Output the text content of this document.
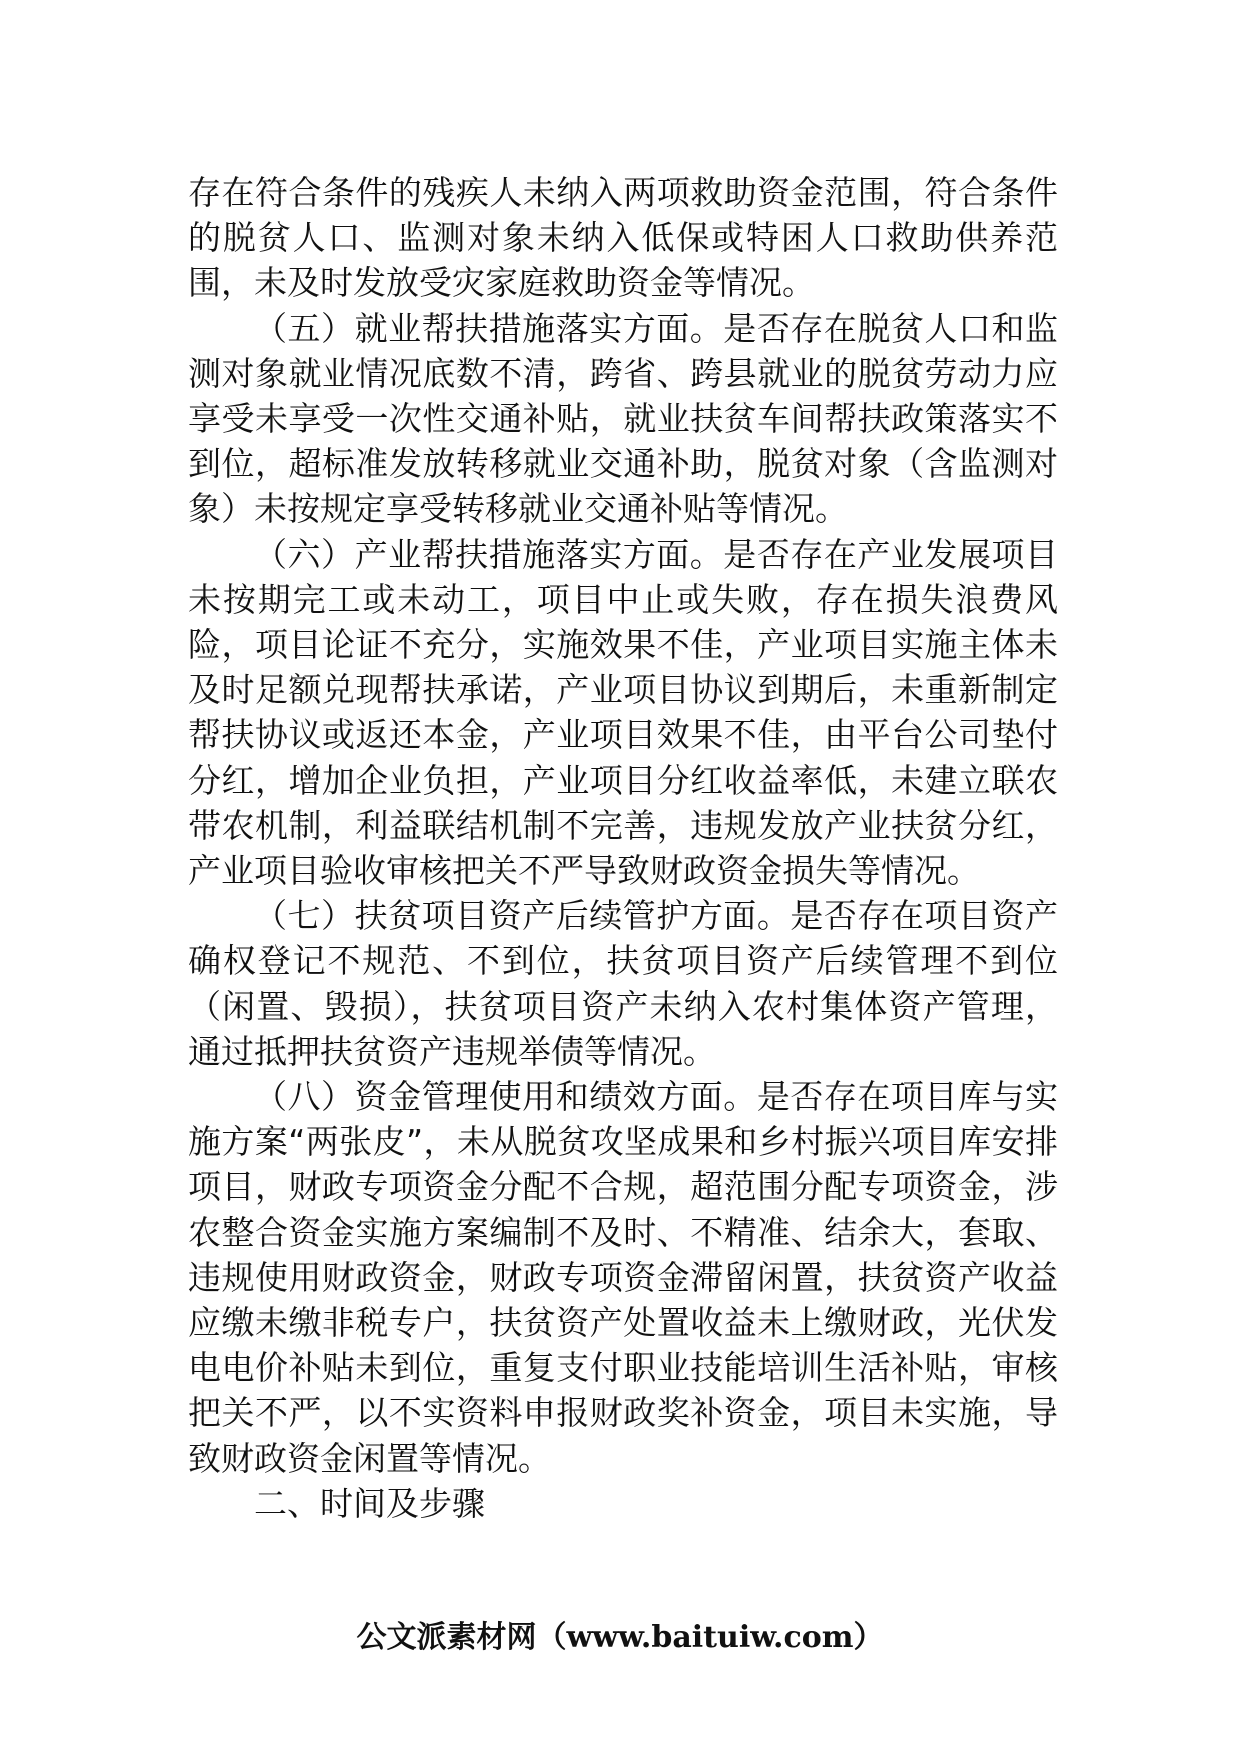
存在符合条件的残疾人未纳入两项救助资金范围，符合条件的脱贫人口、监测对象未纳入低保或特困人口救助供养范围，未及时发放受灾家庭救助资金等情况。

（五）就业帮扶措施落实方面。是否存在脱贫人口和监测对象就业情况底数不清，跨省、跨县就业的脱贫劳动力应享受未享受一次性交通补贴，就业扶贫车间帮扶政策落实不到位，超标准发放转移就业交通补助，脱贫对象（含监测对象）未按规定享受转移就业交通补贴等情况。

（六）产业帮扶措施落实方面。是否存在产业发展项目未按期完工或未动工，项目中止或失败，存在损失浪费风险，项目论证不充分，实施效果不佳，产业项目实施主体未及时足额兑现帮扶承诺，产业项目协议到期后，未重新制定帮扶协议或返还本金，产业项目效果不佳，由平台公司垫付分红，增加企业负担，产业项目分红收益率低，未建立联农带农机制，利益联结机制不完善，违规发放产业扶贫分红，产业项目验收审核把关不严导致财政资金损失等情况。

（七）扶贫项目资产后续管护方面。是否存在项目资产确权登记不规范、不到位，扶贫项目资产后续管理不到位（闲置、毁损），扶贫项目资产未纳入农村集体资产管理，通过抵押扶贫资产违规举债等情况。

（八）资金管理使用和绩效方面。是否存在项目库与实施方案“两张皮”，未从脱贫攻坚成果和乡村振兴项目库安排项目，财政专项资金分配不合规，超范围分配专项资金，涉农整合资金实施方案编制不及时、不精准、结余大，套取、违规使用财政资金，财政专项资金滞留闲置，扶贫资产收益应缴未缴非税专户，扶贫资产处置收益未上缴财政，光伏发电电价补贴未到位，重复支付职业技能培训生活补贴，审核把关不严，以不实资料申报财政奖补资金，项目未实施，导致财政资金闲置等情况。

二、时间及步骤

公文派素材网（www.baituiw.com）
